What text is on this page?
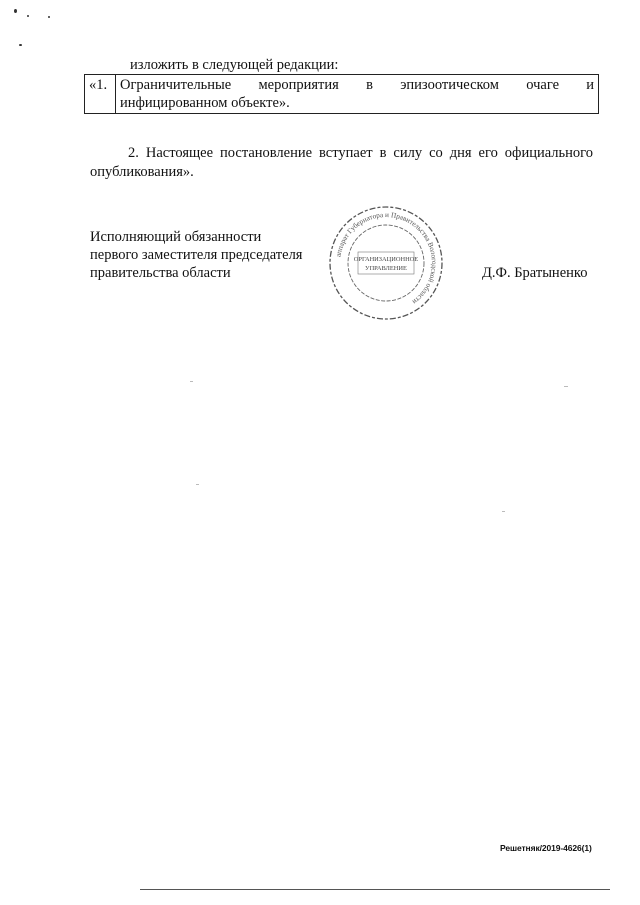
изложить в следующей редакции:
«1.	Ограничительные мероприятия в эпизоотическом очаге и
инфицированном объекте».
2. Настоящее постановление вступает в силу со дня его официального опубликования».
Исполняющий обязанности
первого заместителя председателя
правительства области
аппарат Губернатора и Правительства Вологодской области
ОРГАНИЗАЦИОННОЕ
УПРАВЛЕНИЕ	Д.Ф. Братыненко
Решетняк/2019-4626(1)
